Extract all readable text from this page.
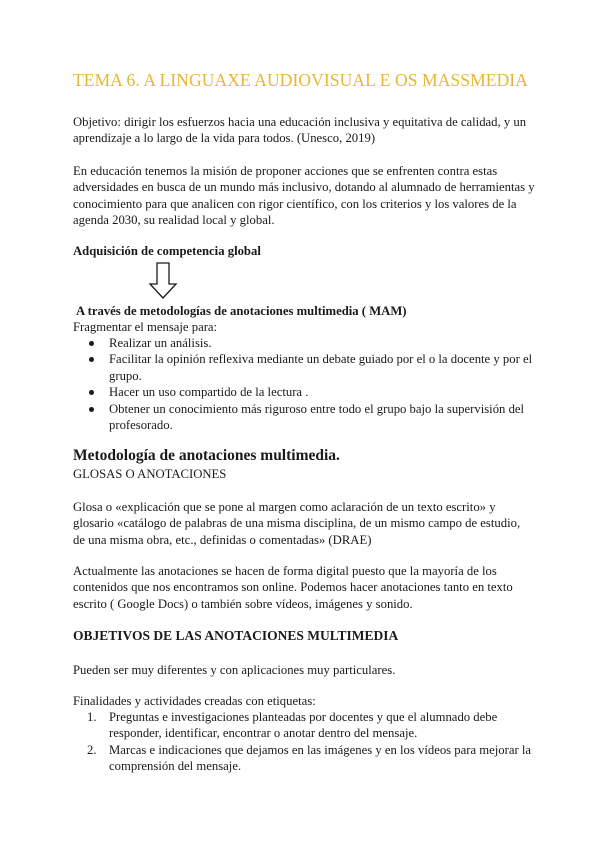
TEMA 6. A LINGUAXE AUDIOVISUAL E OS MASSMEDIA

Objetivo: dirigir los esfuerzos hacia una educación inclusiva y equitativa de calidad, y un aprendizaje a lo largo de la vida para todos. (Unesco, 2019)

En educación tenemos la misión de proponer acciones que se enfrenten contra estas adversidades en busca de un mundo más inclusivo, dotando al alumnado de herramientas y conocimiento para que analicen con rigor científico, con los criterios y los valores de la agenda 2030, su realidad local y global.

Adquisición de competencia global

A través de metodologías de anotaciones multimedia ( MAM)

Fragmentar el mensaje para:

Realizar un análisis.
Facilitar la opinión reflexiva mediante un debate guiado por el o la docente y por el grupo.
Hacer un uso compartido de la lectura .
Obtener un conocimiento más riguroso entre todo el grupo bajo la supervisión del profesorado.
Metodología de anotaciones multimedia.

GLOSAS O ANOTACIONES

Glosa o «explicación que se pone al margen como aclaración de un texto escrito» y glosario «catálogo de palabras de una misma disciplina, de un mismo campo de estudio, de una misma obra, etc., definidas o comentadas» (DRAE)

Actualmente las anotaciones se hacen de forma digital puesto que la mayoría de los contenidos que nos encontramos son online. Podemos hacer anotaciones tanto en texto escrito ( Google Docs) o también sobre vídeos, imágenes y sonido.

OBJETIVOS DE LAS ANOTACIONES MULTIMEDIA

Pueden ser muy diferentes y con aplicaciones muy particulares.

Finalidades y actividades creadas con etiquetas:

1. Preguntas e investigaciones planteadas por docentes y que el alumnado debe responder, identificar, encontrar o anotar dentro del mensaje.
2. Marcas e indicaciones que dejamos en las imágenes y en los vídeos para mejorar la comprensión del mensaje.
